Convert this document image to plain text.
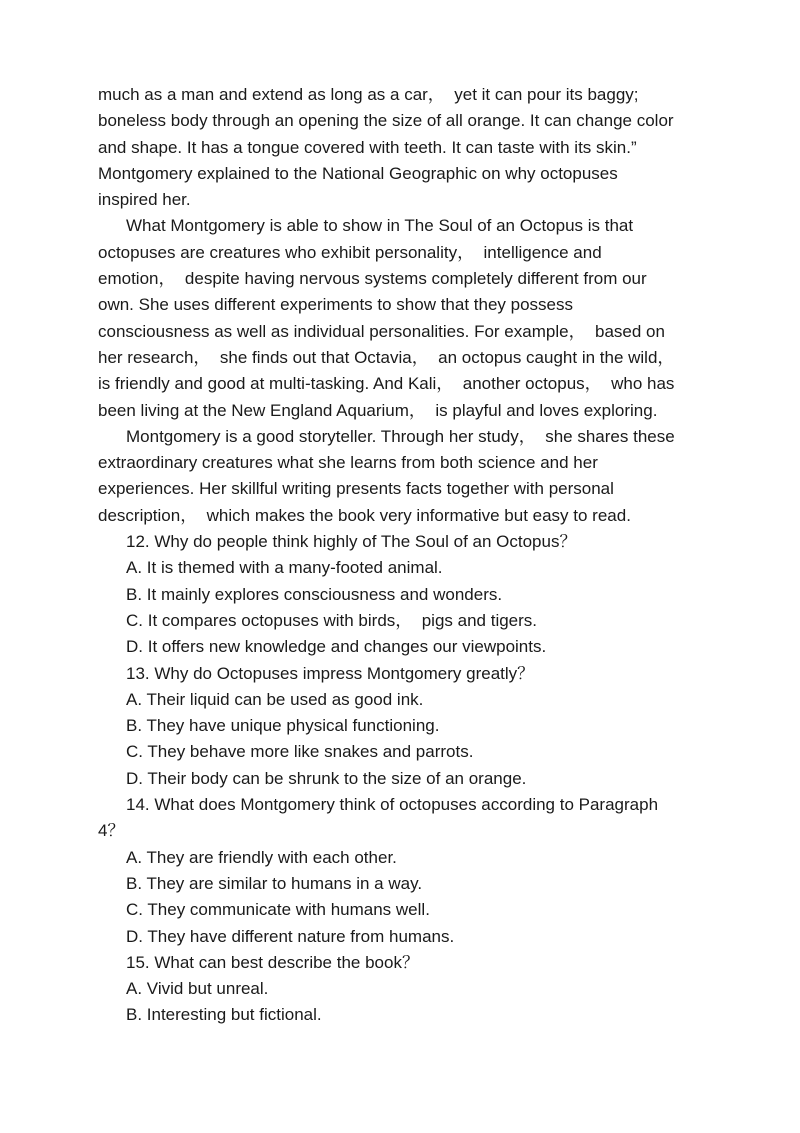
much as a man and extend as long as a car，  yet it can pour its baggy;
boneless body through an opening the size of all orange. It can change color
and shape. It has a tongue covered with teeth. It can taste with its skin.”
Montgomery explained to the National Geographic on why octopuses
inspired her.
What Montgomery is able to show in The Soul of an Octopus is that
octopuses are creatures who exhibit personality，  intelligence and
emotion，  despite having nervous systems completely different from our
own. She uses different experiments to show that they possess
consciousness as well as individual personalities. For example，  based on
her research，  she finds out that Octavia，  an octopus caught in the wild，
is friendly and good at multi-tasking. And Kali，  another octopus，  who has
been living at the New England Aquarium，  is playful and loves exploring.
Montgomery is a good storyteller. Through her study，  she shares these
extraordinary creatures what she learns from both science and her
experiences. Her skillful writing presents facts together with personal
description，  which makes the book very informative but easy to read.
12. Why do people think highly of The Soul of an Octopus？
A. It is themed with a many-footed animal.
B. It mainly explores consciousness and wonders.
C. It compares octopuses with birds，  pigs and tigers.
D. It offers new knowledge and changes our viewpoints.
13. Why do Octopuses impress Montgomery greatly？
A. Their liquid can be used as good ink.
B. They have unique physical functioning.
C. They behave more like snakes and parrots.
D. Their body can be shrunk to the size of an orange.
14. What does Montgomery think of octopuses according to Paragraph
4？
A. They are friendly with each other.
B. They are similar to humans in a way.
C. They communicate with humans well.
D. They have different nature from humans.
15. What can best describe the book？
A. Vivid but unreal.
B. Interesting but fictional.
